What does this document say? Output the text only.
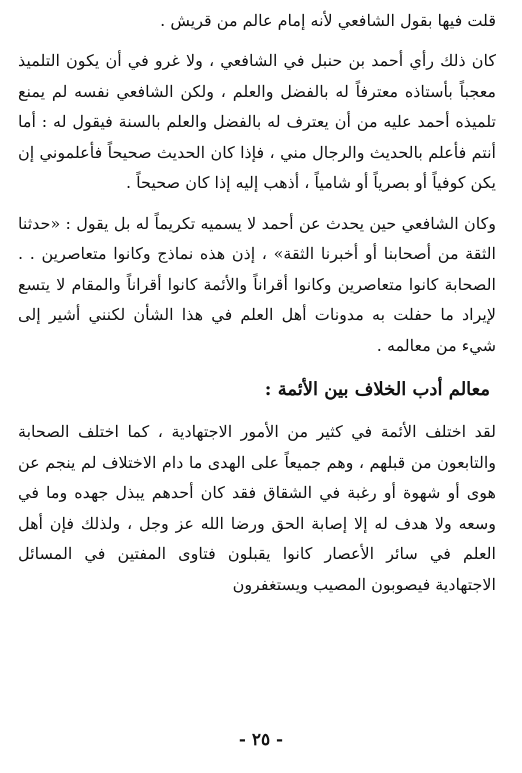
قلت فيها بقول الشافعي لأنه إمام عالم من قريش .

كان ذلك رأي أحمد بن حنبل في الشافعي ، ولا غرو في أن يكون التلميذ معجباً بأستاذه معترفاً له بالفضل والعلم ، ولكن الشافعي نفسه لم يمنع تلميذه أحمد عليه من أن يعترف له بالفضل والعلم بالسنة فيقول له : أما أنتم فأعلم بالحديث والرجال مني ، فإذا كان الحديث صحيحاً فأعلموني إن يكن كوفياً أو بصرياً أو شامياً ، أذهب إليه إذا كان صحيحاً .

وكان الشافعي حين يحدث عن أحمد لا يسميه تكريماً له بل يقول : «حدثنا الثقة من أصحابنا أو أخبرنا الثقة» ، إذن هذه نماذج وكانوا متعاصرين . . الصحابة كانوا متعاصرين وكانوا أقراناً والأئمة كانوا أقراناً والمقام لا يتسع لإيراد ما حفلت به مدونات أهل العلم في هذا الشأن لكنني أشير إلى شيء من معالمه .

معالم أدب الخلاف بين الأئمة :

لقد اختلف الأئمة في كثير من الأمور الاجتهادية ، كما اختلف الصحابة والتابعون من قبلهم ، وهم جميعاً على الهدى ما دام الاختلاف لم ينجم عن هوى أو شهوة أو رغبة في الشقاق فقد كان أحدهم يبذل جهده وما في وسعه ولا هدف له إلا إصابة الحق ورضا الله عز وجل ، ولذلك فإن أهل العلم في سائر الأعصار كانوا يقبلون فتاوى المفتين في المسائل الاجتهادية فيصوبون المصيب ويستغفرون

- ٢٥ -
